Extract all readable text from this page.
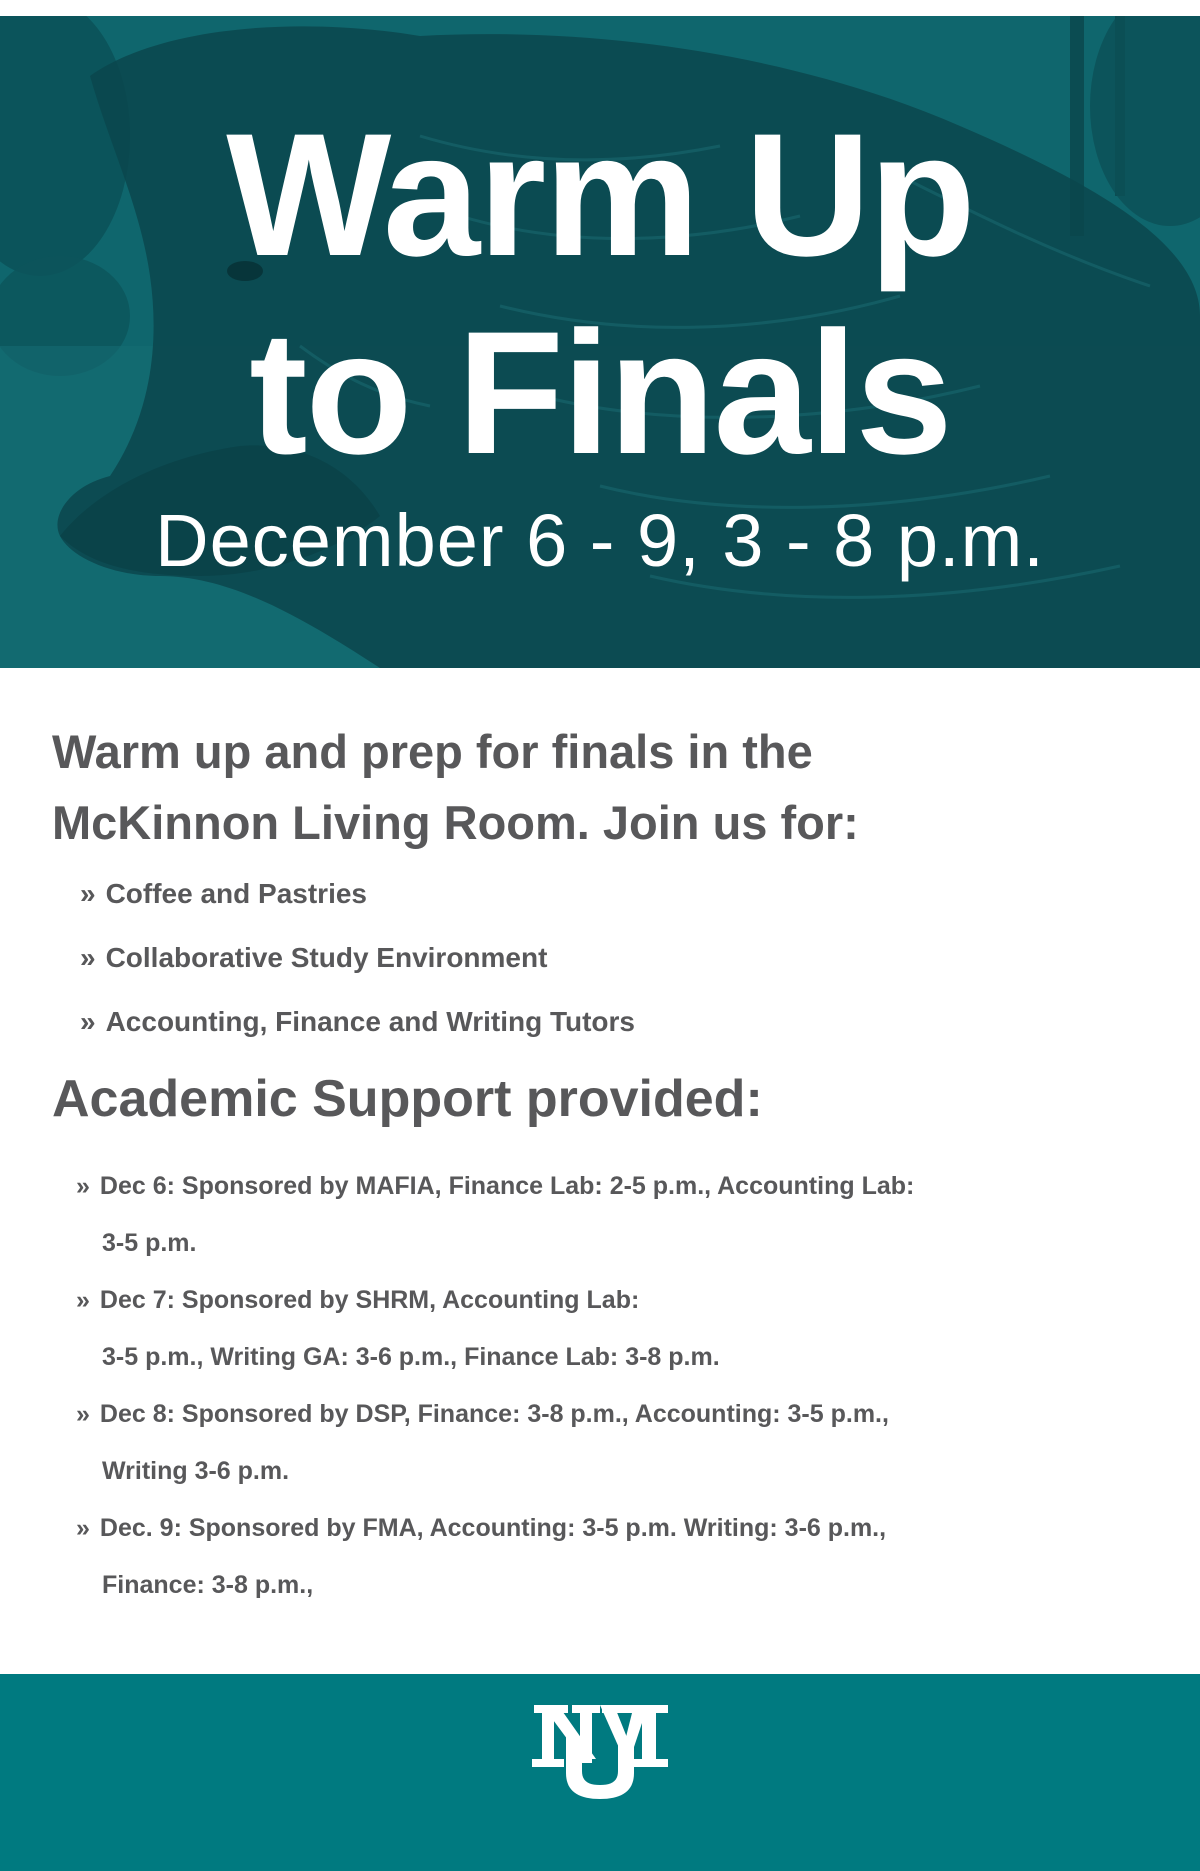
Warm Up
to Finals

December 6 - 9, 3 - 8 p.m.

Warm up and prep for finals in the
McKinnon Living Room. Join us for:

» Coffee and Pastries
» Collaborative Study Environment
» Accounting, Finance and Writing Tutors
Academic Support provided:
» Dec 6: Sponsored by MAFIA, Finance Lab: 2-5 p.m., Accounting Lab:
3-5 p.m.
» Dec 7: Sponsored by SHRM, Accounting Lab:
3-5 p.m., Writing GA: 3-6 p.m., Finance Lab: 3-8 p.m.
» Dec 8: Sponsored by DSP, Finance: 3-8 p.m., Accounting: 3-5 p.m.,
Writing 3-6 p.m.
» Dec. 9: Sponsored by FMA, Accounting: 3-5 p.m. Writing: 3-6 p.m.,
Finance: 3-8 p.m.,
